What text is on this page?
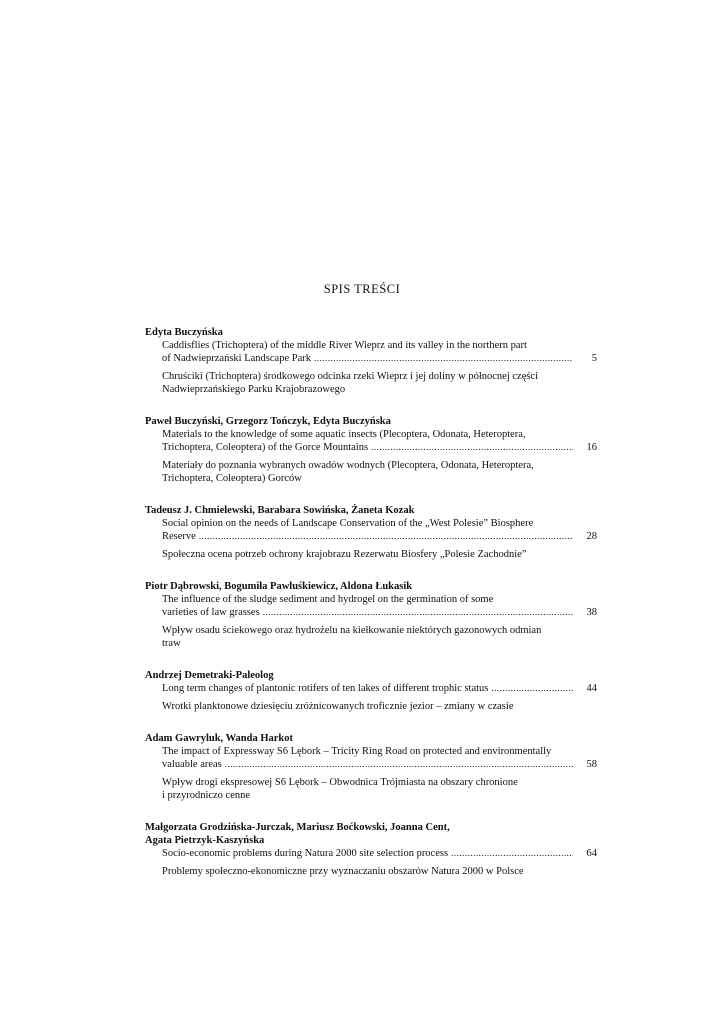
SPIS TREŚCI
Edyta Buczyńska
Caddisflies (Trichoptera) of the middle River Wieprz and its valley in the northern part
of Nadwieprzański Landscape Park .....	5
Chruściki (Trichoptera) środkowego odcinka rzeki Wieprz i jej doliny w północnej części
Nadwieprzańskiego Parku Krajobrazowego
Paweł Buczyński, Grzegorz Tończyk, Edyta Buczyńska
Materials to the knowledge of some aquatic insects (Plecoptera, Odonata, Heteroptera,
Trichoptera, Coleoptera) of the Gorce Mountains .....	16
Materiały do poznania wybranych owadów wodnych (Plecoptera, Odonata, Heteroptera,
Trichoptera, Coleoptera) Gorców
Tadeusz J. Chmielewski, Barabara Sowińska, Żaneta Kozak
Social opinion on the needs of Landscape Conservation of the „West Polesie” Biosphere
Reserve .....	28
Społeczna ocena potrzeb ochrony krajobrazu Rezerwatu Biosfery „Polesie Zachodnie”
Piotr Dąbrowski, Bogumiła Pawluśkiewicz, Aldona Łukasik
The influence of the sludge sediment and hydrogel on the germination of some
varieties of law grasses .....	38
Wpływ osadu ściekowego oraz hydrożelu na kiełkowanie niektórych gazonowych odmian
traw
Andrzej Demetraki-Paleolog
Long term changes of plantonic rotifers of ten lakes of different trophic status .....	44
Wrotki planktonowe dziesięciu zróżnicowanych troficznie jezior – zmiany w czasie
Adam Gawryluk, Wanda Harkot
The impact of Expressway S6 Lębork – Tricity Ring Road on protected and environmentally
valuable areas .....	58
Wpływ drogi ekspresowej S6 Lębork – Obwodnica Trójmiasta na obszary chronione
i przyrodniczo cenne
Małgorzata Grodzińska-Jurczak, Mariusz Boćkowski, Joanna Cent,
Agata Pietrzyk-Kaszyńska
Socio-economic problems during Natura 2000 site selection process .....	64
Problemy społeczno-ekonomiczne przy wyznaczaniu obszarów Natura 2000 w Polsce
